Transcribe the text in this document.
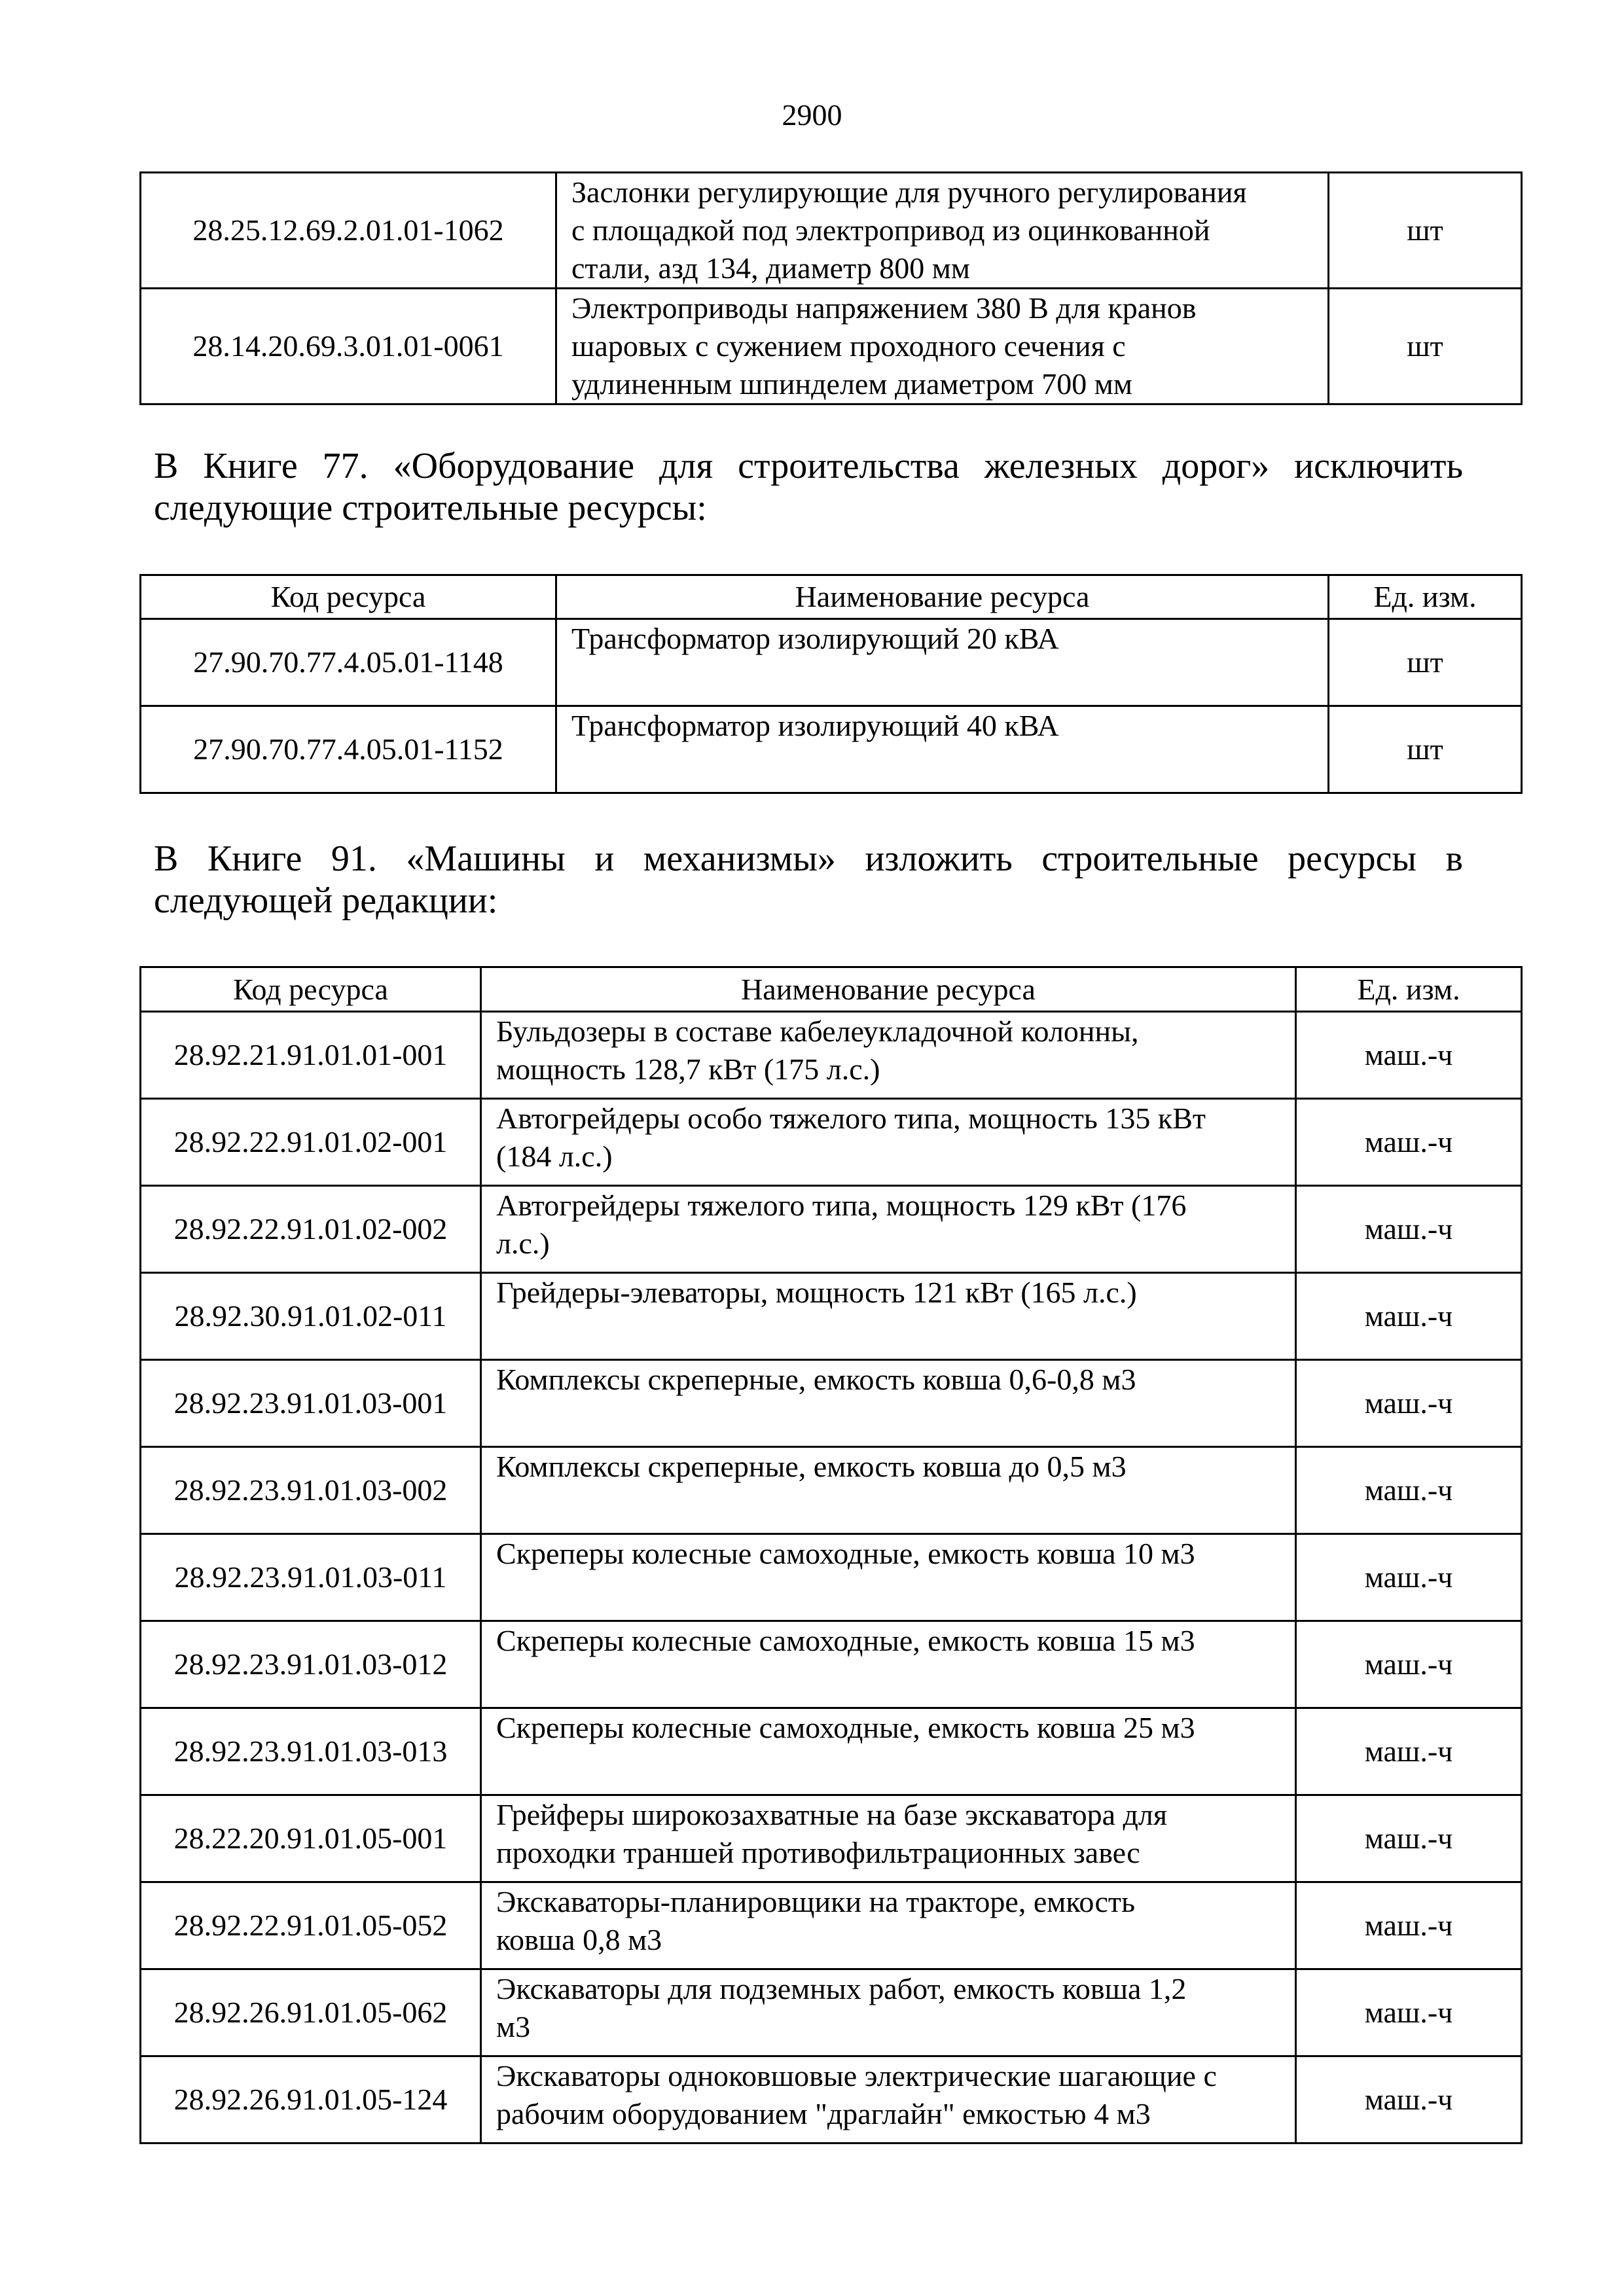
2900
28.25.12.69.2.01.01-1062	Заслонки регулирующие для ручного регулирования
с площадкой под электропривод из оцинкованной
стали, азд 134, диаметр 800 мм	шт
28.14.20.69.3.01.01-0061	Электроприводы напряжением 380 В для кранов
шаровых с сужением проходного сечения с
удлиненным шпинделем диаметром 700 мм	шт

В Книге 77. «Оборудование для строительства железных дорог» исключить
следующие строительные ресурсы:

Код ресурса	Наименование ресурса	Ед. изм.
27.90.70.77.4.05.01-1148	Трансформатор изолирующий 20 кВА	шт
27.90.70.77.4.05.01-1152	Трансформатор изолирующий 40 кВА	шт

В Книге 91. «Машины и механизмы» изложить строительные ресурсы в
следующей редакции:

Код ресурса	Наименование ресурса	Ед. изм.
28.92.21.91.01.01-001	Бульдозеры в составе кабелеукладочной колонны,
мощность 128,7 кВт (175 л.с.)	маш.-ч
28.92.22.91.01.02-001	Автогрейдеры особо тяжелого типа, мощность 135 кВт
(184 л.с.)	маш.-ч
28.92.22.91.01.02-002	Автогрейдеры тяжелого типа, мощность 129 кВт (176
л.с.)	маш.-ч
28.92.30.91.01.02-011	Грейдеры-элеваторы, мощность 121 кВт (165 л.с.)	маш.-ч
28.92.23.91.01.03-001	Комплексы скреперные, емкость ковша 0,6-0,8 м3	маш.-ч
28.92.23.91.01.03-002	Комплексы скреперные, емкость ковша до 0,5 м3	маш.-ч
28.92.23.91.01.03-011	Скреперы колесные самоходные, емкость ковша 10 м3	маш.-ч
28.92.23.91.01.03-012	Скреперы колесные самоходные, емкость ковша 15 м3	маш.-ч
28.92.23.91.01.03-013	Скреперы колесные самоходные, емкость ковша 25 м3	маш.-ч
28.22.20.91.01.05-001	Грейферы широкозахватные на базе экскаватора для
проходки траншей противофильтрационных завес	маш.-ч
28.92.22.91.01.05-052	Экскаваторы-планировщики на тракторе, емкость
ковша 0,8 м3	маш.-ч
28.92.26.91.01.05-062	Экскаваторы для подземных работ, емкость ковша 1,2
м3	маш.-ч
28.92.26.91.01.05-124	Экскаваторы одноковшовые электрические шагающие с
рабочим оборудованием "драглайн" емкостью 4 м3	маш.-ч
